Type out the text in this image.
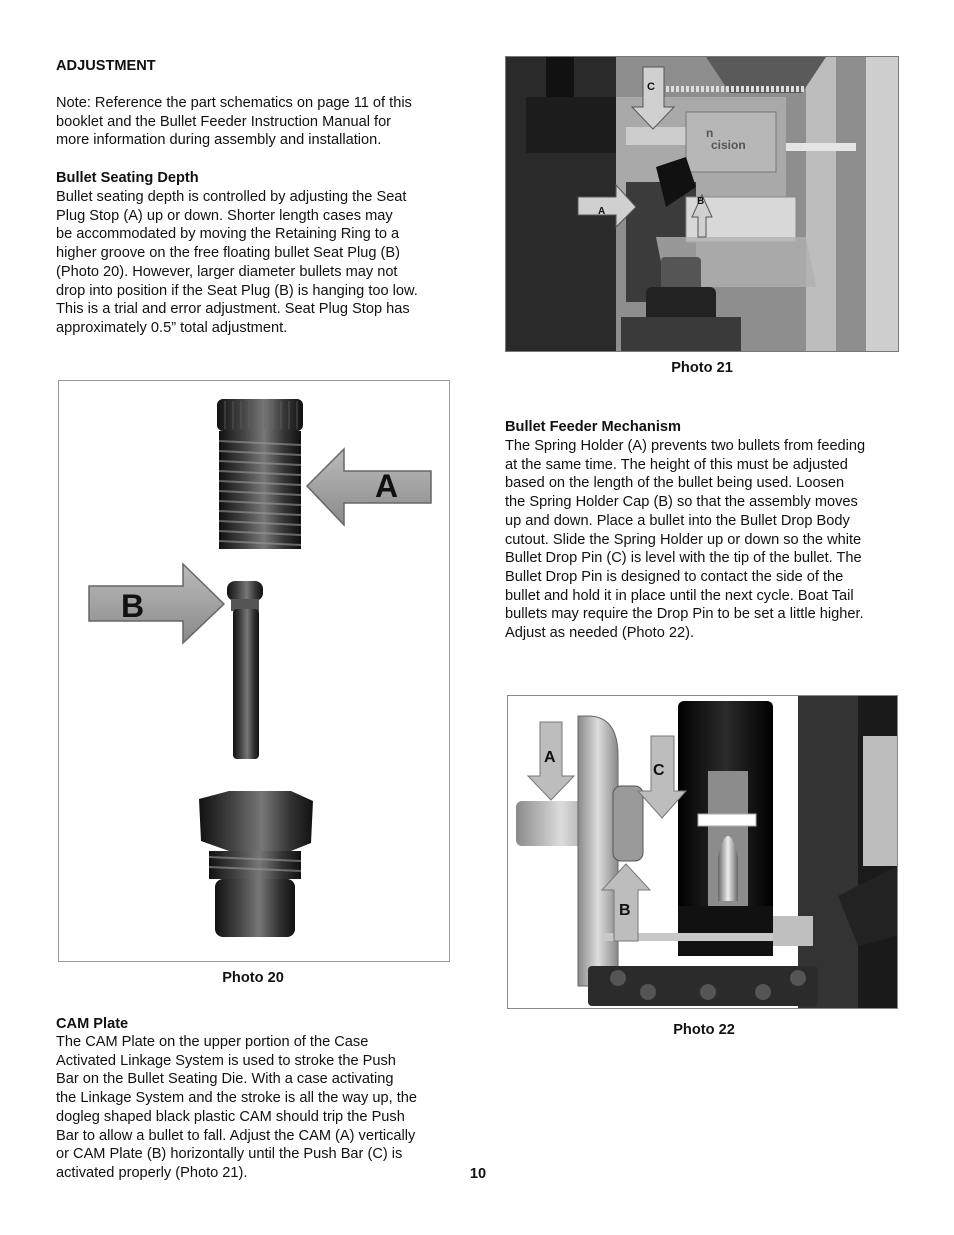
ADJUSTMENT

Note: Reference the part schematics on page 11 of this
booklet and the Bullet Feeder Instruction Manual for
more information during assembly and installation.

Bullet Seating Depth

Bullet seating depth is controlled by adjusting the Seat
Plug Stop (A) up or down. Shorter length cases may
be accommodated by moving the Retaining Ring to a
higher groove on the free floating bullet Seat Plug (B)
(Photo 20). However, larger diameter bullets may not
drop into position if the Seat Plug (B) is hanging too low.
This is a trial and error adjustment. Seat Plug Stop has
approximately 0.5” total adjustment.
A
B

Photo 20

CAM Plate

The CAM Plate on the upper portion of the Case
Activated Linkage System is used to stroke the Push
Bar on the Bullet Seating Die. With a case activating
the Linkage System and the stroke is all the way up, the
dogleg shaped black plastic CAM should trip the Push
Bar to allow a bullet to fall. Adjust the CAM (A) vertically
or CAM Plate (B) horizontally until the Push Bar (C) is
activated properly (Photo 21).
n
cision
C
A
B

Photo 21

Bullet Feeder Mechanism

The Spring Holder (A) prevents two bullets from feeding
at the same time. The height of this must be adjusted
based on the length of the bullet being used. Loosen
the Spring Holder Cap (B) so that the assembly moves
up and down. Place a bullet into the Bullet Drop Body
cutout. Slide the Spring Holder up or down so the white
Bullet Drop Pin (C) is level with the tip of the bullet. The
Bullet Drop Pin is designed to contact the side of the
bullet and hold it in place until the next cycle. Boat Tail
bullets may require the Drop Pin to be set a little higher.
Adjust as needed (Photo 22).
A
C
B

Photo 22

10
